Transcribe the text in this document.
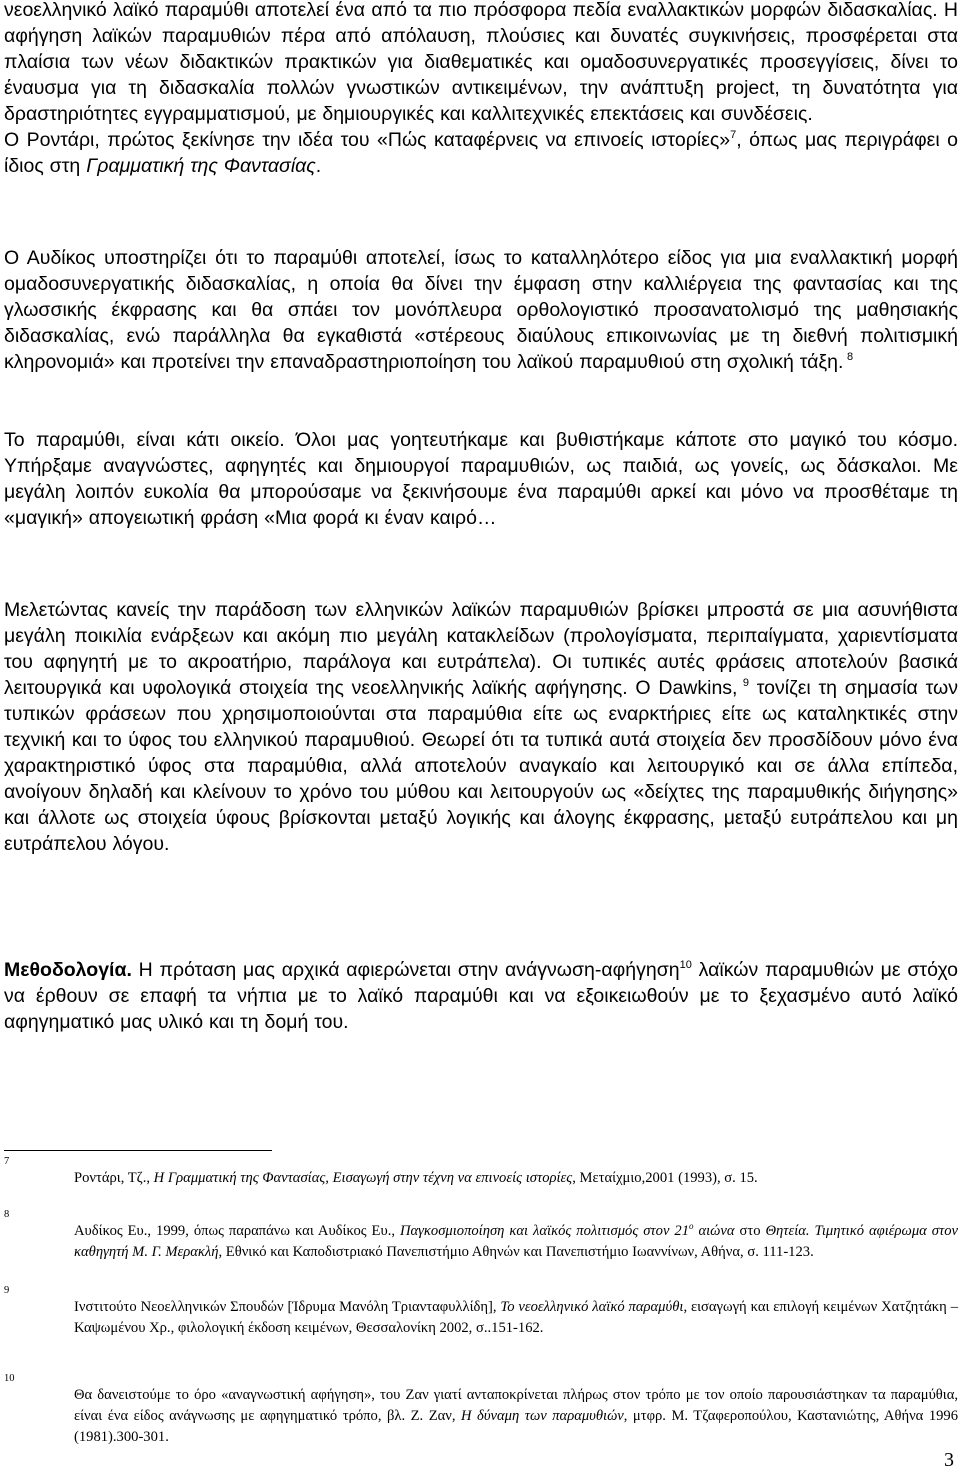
νεοελληνικό λαϊκό παραμύθι αποτελεί ένα από τα πιο πρόσφορα πεδία εναλλακτικών μορφών διδασκαλίας. Η αφήγηση λαϊκών παραμυθιών πέρα από απόλαυση, πλούσιες και δυνατές συγκινήσεις, προσφέρεται στα πλαίσια των νέων διδακτικών πρακτικών για διαθεματικές και ομαδοσυνεργατικές προσεγγίσεις, δίνει το έναυσμα για τη διδασκαλία πολλών γνωστικών αντικειμένων, την ανάπτυξη project, τη δυνατότητα για δραστηριότητες εγγραμματισμού, με δημιουργικές και καλλιτεχνικές επεκτάσεις και συνδέσεις.

Ο Ροντάρι, πρώτος ξεκίνησε την ιδέα του «Πώς καταφέρνεις να επινοείς ιστορίες»$^7$, όπως μας περιγράφει ο ίδιος στη Γραμματική της Φαντασίας.

Ο Αυδίκος υποστηρίζει ότι το παραμύθι αποτελεί, ίσως το καταλληλότερο είδος για μια εναλλακτική μορφή ομαδοσυνεργατικής διδασκαλίας, η οποία θα δίνει την έμφαση στην καλλιέργεια της φαντασίας και της γλωσσικής έκφρασης και θα σπάει τον μονόπλευρα ορθολογιστικό προσανατολισμό της μαθησιακής διδασκαλίας, ενώ παράλληλα θα εγκαθιστά «στέρεους διαύλους επικοινωνίας με τη διεθνή πολιτισμική κληρονομιά» και προτείνει την επαναδραστηριοποίηση του λαϊκού παραμυθιού στη σχολική τάξη. $^8$

Το παραμύθι, είναι κάτι οικείο. Όλοι μας γοητευτήκαμε και βυθιστήκαμε κάποτε στο μαγικό του κόσμο. Υπήρξαμε αναγνώστες, αφηγητές και δημιουργοί παραμυθιών, ως παιδιά, ως γονείς, ως δάσκαλοι. Με μεγάλη λοιπόν ευκολία θα μπορούσαμε να ξεκινήσουμε ένα παραμύθι αρκεί και μόνο να προσθέταμε τη «μαγική» απογειωτική φράση «Μια φορά κι έναν καιρό…

Μελετώντας κανείς την παράδοση των ελληνικών λαϊκών παραμυθιών βρίσκει μπροστά σε μια ασυνήθιστα μεγάλη ποικιλία ενάρξεων και ακόμη πιο μεγάλη κατακλείδων (προλογίσματα, περιπαίγματα, χαριεντίσματα του αφηγητή με το ακροατήριο, παράλογα και ευτράπελα). Οι τυπικές αυτές φράσεις αποτελούν βασικά λειτουργικά και υφολογικά στοιχεία της νεοελληνικής λαϊκής αφήγησης. Ο Dawkins, $^9$ τονίζει τη σημασία των τυπικών φράσεων που χρησιμοποιούνται στα παραμύθια είτε ως εναρκτήριες είτε ως καταληκτικές στην τεχνική και το ύφος του ελληνικού παραμυθιού. Θεωρεί ότι τα τυπικά αυτά στοιχεία δεν προσδίδουν μόνο ένα χαρακτηριστικό ύφος στα παραμύθια, αλλά αποτελούν αναγκαίο και λειτουργικό και σε άλλα επίπεδα, ανοίγουν δηλαδή και κλείνουν το χρόνο του μύθου και λειτουργούν ως «δείχτες της παραμυθικής διήγησης» και άλλοτε ως στοιχεία ύφους βρίσκονται μεταξύ λογικής και άλογης έκφρασης, μεταξύ ευτράπελου και μη ευτράπελου λόγου.

Μεθοδολογία. Η πρόταση μας αρχικά αφιερώνεται στην ανάγνωση-αφήγηση$^{10}$ λαϊκών παραμυθιών με στόχο να έρθουν σε επαφή τα νήπια με το λαϊκό παραμύθι και να εξοικειωθούν με το ξεχασμένο αυτό λαϊκό αφηγηματικό μας υλικό και τη δομή του.

7
Ροντάρι, Τζ., Η Γραμματική της Φαντασίας, Εισαγωγή στην τέχνη να επινοείς ιστορίες, Μεταίχμιο,2001 (1993), σ. 15.
8
Αυδίκος Ευ., 1999, όπως παραπάνω και Αυδίκος Ευ., Παγκοσμιοποίηση και λαϊκός πολιτισμός στον $21^o$ αιώνα στο Θητεία. Τιμητικό αφιέρωμα στον καθηγητή Μ. Γ. Μερακλή, Εθνικό και Καποδιστριακό Πανεπιστήμιο Αθηνών και Πανεπιστήμιο Ιωαννίνων, Αθήνα, σ. 111-123.
9
Ινστιτούτο Νεοελληνικών Σπουδών [Ίδρυμα Μανόλη Τριανταφυλλίδη], Το νεοελληνικό λαϊκό παραμύθι, εισαγωγή και επιλογή κειμένων Χατζητάκη – Καψωμένου Χρ., φιλολογική έκδοση κειμένων, Θεσσαλονίκη 2002, σ..151-162.
10
Θα δανειστούμε το όρο «αναγνωστική αφήγηση», του Ζαν γιατί ανταποκρίνεται πλήρως στον τρόπο με τον οποίο παρουσιάστηκαν τα παραμύθια, είναι ένα είδος ανάγνωσης με αφηγηματικό τρόπο, βλ. Ζ. Ζαν, Η δύναμη των παραμυθιών, μτφρ. Μ. Τζαφεροπούλου, Καστανιώτης, Αθήνα 1996 (1981).300-301.
3
